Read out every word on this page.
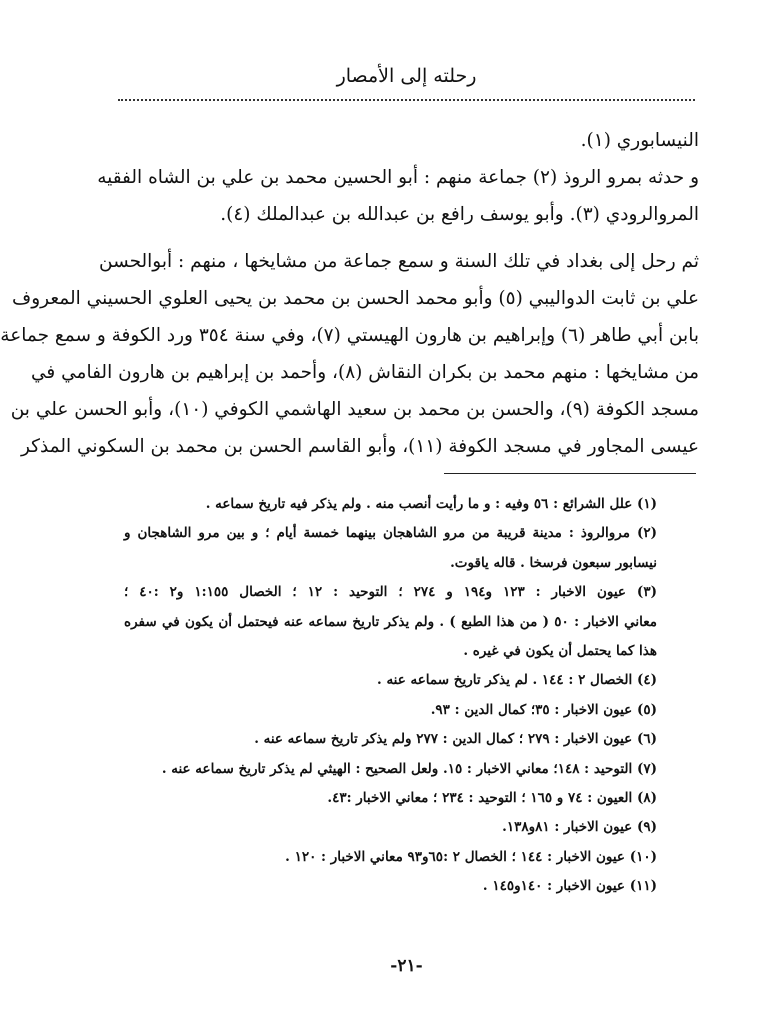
رحلته إلى الأمصار
النيسابوري (١).
و حدثه بمرو الروذ (٢) جماعة منهم : أبو الحسين محمد بن علي بن الشاه الفقيه
المروالرودي (٣). وأبو يوسف رافع بن عبدالله بن عبدالملك (٤).
ثم رحل إلى بغداد في تلك السنة و سمع جماعة من مشايخها ، منهم : أبوالحسن
علي بن ثابت الدواليبي (٥) وأبو محمد الحسن بن محمد بن يحيى العلوي الحسيني المعروف
بابن أبي طاهر (٦) وإبراهيم بن هارون الهيستي (٧)، وفي سنة ٣٥٤ ورد الكوفة و سمع جماعة
من مشايخها : منهم محمد بن بكران النقاش (٨)، وأحمد بن إبراهيم بن هارون الفامي في
مسجد الكوفة (٩)، والحسن بن محمد بن سعيد الهاشمي الكوفي (١٠)، وأبو الحسن علي بن
عيسى المجاور في مسجد الكوفة (١١)، وأبو القاسم الحسن بن محمد بن السكوني المذكر
(١) علل الشرائع : ٥٦ وفيه : و ما رأيت أنصب منه . ولم يذكر فيه تاريخ سماعه .
(٢) مروالروذ : مدينة قريبة من مرو الشاهجان بينهما خمسة أيام ؛ و بين مرو الشاهجان و
نيسابور سبعون فرسخا . قاله ياقوت.
(٣) عيون الاخبار : ١٢٣ و١٩٤ و ٢٧٤ ؛ التوحيد : ١٢ ؛ الخصال ١:١٥٥ و٢ :٤٠ ؛
معاني الاخبار : ٥٠ ( من هذا الطبع ) . ولم يذكر تاريخ سماعه عنه فيحتمل أن يكون في سفره
هذا كما يحتمل أن يكون في غيره .
(٤) الخصال ٢ : ١٤٤ . لم يذكر تاريخ سماعه عنه .
(٥) عيون الاخبار : ٣٥؛ كمال الدين : ٩٣.
(٦) عيون الاخبار : ٢٧٩ ؛ كمال الدين : ٢٧٧ ولم يذكر تاريخ سماعه عنه .
(٧) التوحيد : ١٤٨؛ معاني الاخبار : ١٥. ولعل الصحيح : الهيثي لم يذكر تاريخ سماعه عنه .
(٨) العيون : ٧٤ و ١٦٥ ؛ التوحيد : ٢٣٤ ؛ معاني الاخبار :٤٣.
(٩) عيون الاخبار : ٨١و١٣٨.
(١٠) عيون الاخبار : ١٤٤ ؛ الخصال ٢ :٦٥و٩٣ معاني الاخبار : ١٢٠ .
(١١) عيون الاخبار : ١٤٠و١٤٥ .
-٢١-
